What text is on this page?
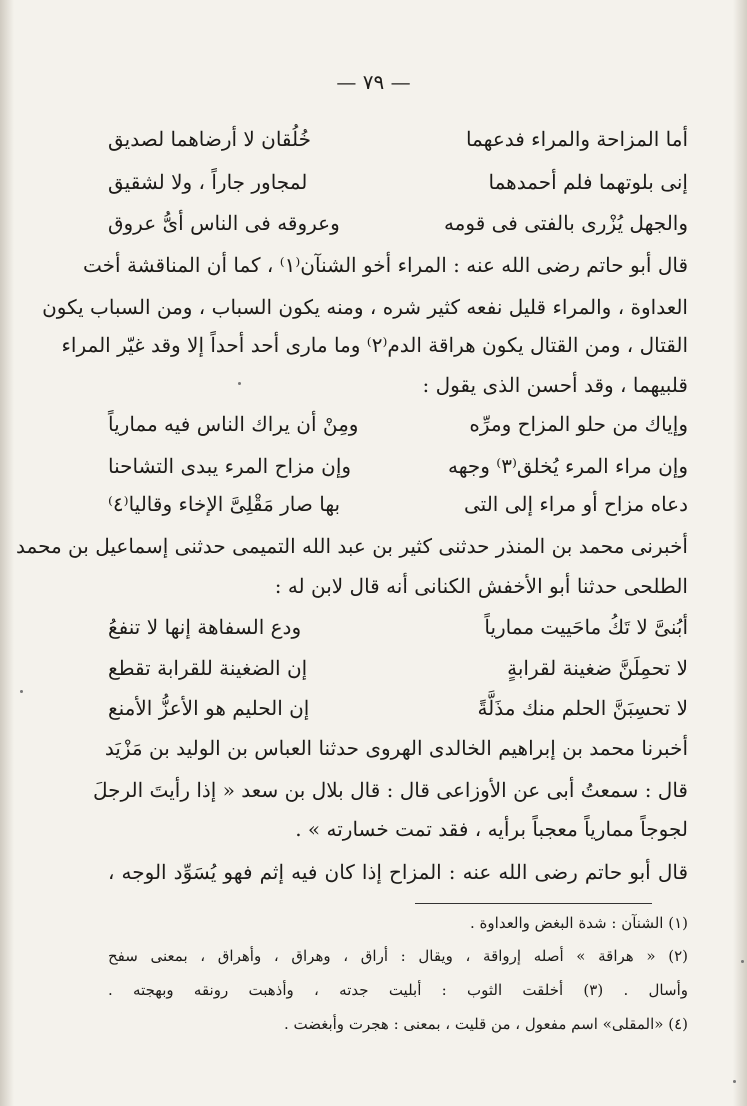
— ٧٩ —
أما المزاحة والمراء فدعهما
خُلُقان لا أرضاهما لصديق
إنى بلوتهما فلم أحمدهما
لمجاور جاراً ، ولا لشقيق
والجهل يُزْرى بالفتى فى قومه
وعروقه فى الناس أىُّ عروق
قال أبو حاتم رضى الله عنه : المراء أخو الشنآن⁽١⁾ ، كما أن المناقشة أخت
العداوة ، والمراء قليل نفعه كثير شره ، ومنه يكون السباب ، ومن السباب يكون
القتال ، ومن القتال يكون هراقة الدم⁽٢⁾ وما مارى أحد أحداً إلا وقد غيّر المراء
قلبيهما ، وقد أحسن الذى يقول :
وإياك من حلو المزاح ومرِّه
ومِنْ أن يراك الناس فيه ممارياً
وإن مراء المرء يُخلق⁽٣⁾ وجهه
وإن مزاح المرء يبدى التشاحنا
دعاه مزاح أو مراء إلى التى
بها صار مَقْلِىَّ الإخاء وقاليا⁽٤⁾
أخبرنى محمد بن المنذر حدثنى كثير بن عبد الله التميمى حدثنى إسماعيل بن محمد
الطلحى حدثنا أبو الأخفش الكنانى أنه قال لابن له :
أبُنىَّ لا تَكُ ماحَييت ممارياً
ودع السفاهة إنها لا تنفعُ
لا تحمِلَنَّ ضغينة لقرابةٍ
إن الضغينة للقرابة تقطع
لا تحسِبَنَّ الحلم منك مذَلَّةً
إن الحليم هو الأعزُّ الأمنع
أخبرنا محمد بن إبراهيم الخالدى الهروى حدثنا العباس بن الوليد بن مَزْيَد
قال : سمعتُ أبى عن الأوزاعى قال : قال بلال بن سعد « إذا رأيتَ الرجلَ
لجوجاً ممارياً معجباً برأيه ، فقد تمت خسارته » .
قال أبو حاتم رضى الله عنه : المزاح إذا كان فيه إثم فهو يُسَوِّد الوجه ،
(١) الشنآن : شدة البغض والعداوة .
(٢) « هراقة » أصله إرواقة ، ويقال : أراق ، وهراق ، وأهراق ، بمعنى سفح
وأسال . (٣) أخلقت الثوب : أبليت جدته ، وأذهبت رونقه وبهجته .
(٤) «المقلى» اسم مفعول ، من قليت ، بمعنى : هجرت وأبغضت .
